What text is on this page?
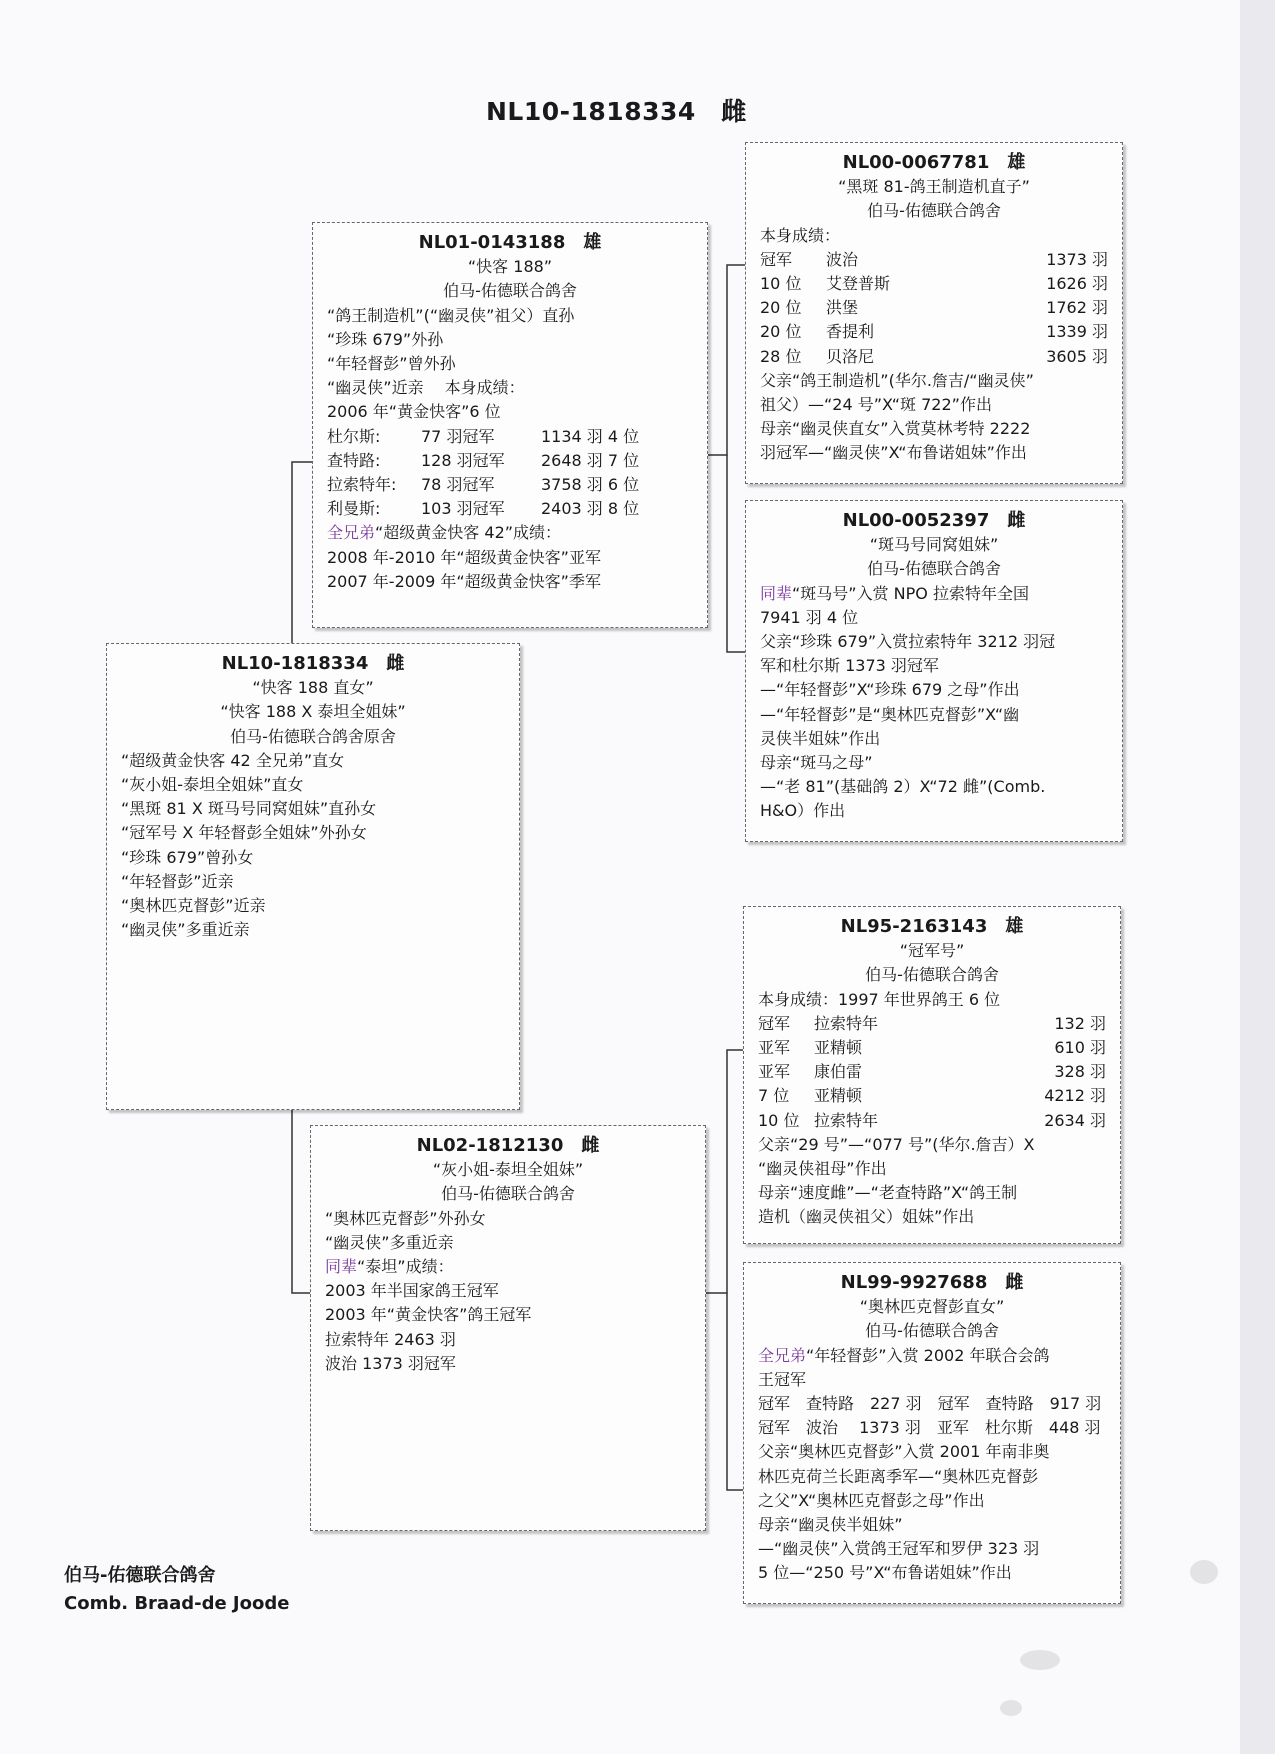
NL10-1818334　雌
NL01-0143188　雄
“快客 188”
伯马-佑德联合鸽舍
“鸽王制造机”(“幽灵侠”祖父）直孙
“珍珠 679”外孙
“年轻督彭”曾外孙
“幽灵侠”近亲　 本身成绩：
2006 年“黄金快客”6 位
杜尔斯:	77 羽冠军	1134 羽 4 位
查特路:	128 羽冠军	2648 羽 7 位
拉索特年:	78 羽冠军	3758 羽 6 位
利曼斯:	103 羽冠军	2403 羽 8 位
全兄弟“超级黄金快客 42”成绩：
2008 年-2010 年“超级黄金快客”亚军
2007 年-2009 年“超级黄金快客”季军
NL10-1818334　雌
“快客 188 直女”
“快客 188 X 泰坦全姐妹”
伯马-佑德联合鸽舍原舍
“超级黄金快客 42 全兄弟”直女
“灰小姐-泰坦全姐妹”直女
“黑斑 81 X 斑马号同窝姐妹”直孙女
“冠军号 X 年轻督彭全姐妹”外孙女
“珍珠 679”曾孙女
“年轻督彭”近亲
“奥林匹克督彭”近亲
“幽灵侠”多重近亲
NL02-1812130　雌
“灰小姐-泰坦全姐妹”
伯马-佑德联合鸽舍
“奥林匹克督彭”外孙女
“幽灵侠”多重近亲
同辈“泰坦”成绩：
2003 年半国家鸽王冠军
2003 年“黄金快客”鸽王冠军
拉索特年 2463 羽
波治 1373 羽冠军
NL00-0067781　雄
“黑斑 81-鸽王制造机直子”
伯马-佑德联合鸽舍
本身成绩：
冠军	波治	1373 羽
10 位	艾登普斯	1626 羽
20 位	洪堡	1762 羽
20 位	香提利	1339 羽
28 位	贝洛尼	3605 羽
父亲“鸽王制造机”(华尔.詹吉/“幽灵侠”
祖父）—“24 号”X“斑 722”作出
母亲“幽灵侠直女”入赏莫林考特 2222
羽冠军—“幽灵侠”X“布鲁诺姐妹”作出
NL00-0052397　雌
“斑马号同窝姐妹”
伯马-佑德联合鸽舍
同辈“斑马号”入赏 NPO 拉索特年全国
7941 羽 4 位
父亲“珍珠 679”入赏拉索特年 3212 羽冠
军和杜尔斯 1373 羽冠军
—“年轻督彭”X“珍珠 679 之母”作出
—“年轻督彭”是“奥林匹克督彭”X“幽
灵侠半姐妹”作出
母亲“斑马之母”
—“老 81”(基础鸽 2）X“72 雌”(Comb.
H&O）作出
NL95-2163143　雄
“冠军号”
伯马-佑德联合鸽舍
本身成绩：1997 年世界鸽王 6 位
冠军	拉索特年	132 羽
亚军	亚精顿	610 羽
亚军	康伯雷	328 羽
7 位	亚精顿	4212 羽
10 位 拉索特年	2634 羽
父亲“29 号”—“077 号”(华尔.詹吉）X
“幽灵侠祖母”作出
母亲“速度雌”—“老查特路”X“鸽王制
造机（幽灵侠祖父）姐妹”作出
NL99-9927688　雌
“奥林匹克督彭直女”
伯马-佑德联合鸽舍
全兄弟“年轻督彭”入赏 2002 年联合会鸽
王冠军
冠军　查特路　227 羽　冠军　查特路　917 羽
冠军　波治　 1373 羽　亚军　杜尔斯　448 羽
父亲“奥林匹克督彭”入赏 2001 年南非奥
林匹克荷兰长距离季军—“奥林匹克督彭
之父”X“奥林匹克督彭之母”作出
母亲“幽灵侠半姐妹”
—“幽灵侠”入赏鸽王冠军和罗伊 323 羽
5 位—“250 号”X“布鲁诺姐妹”作出
伯马-佑德联合鸽舍
Comb. Braad-de Joode
